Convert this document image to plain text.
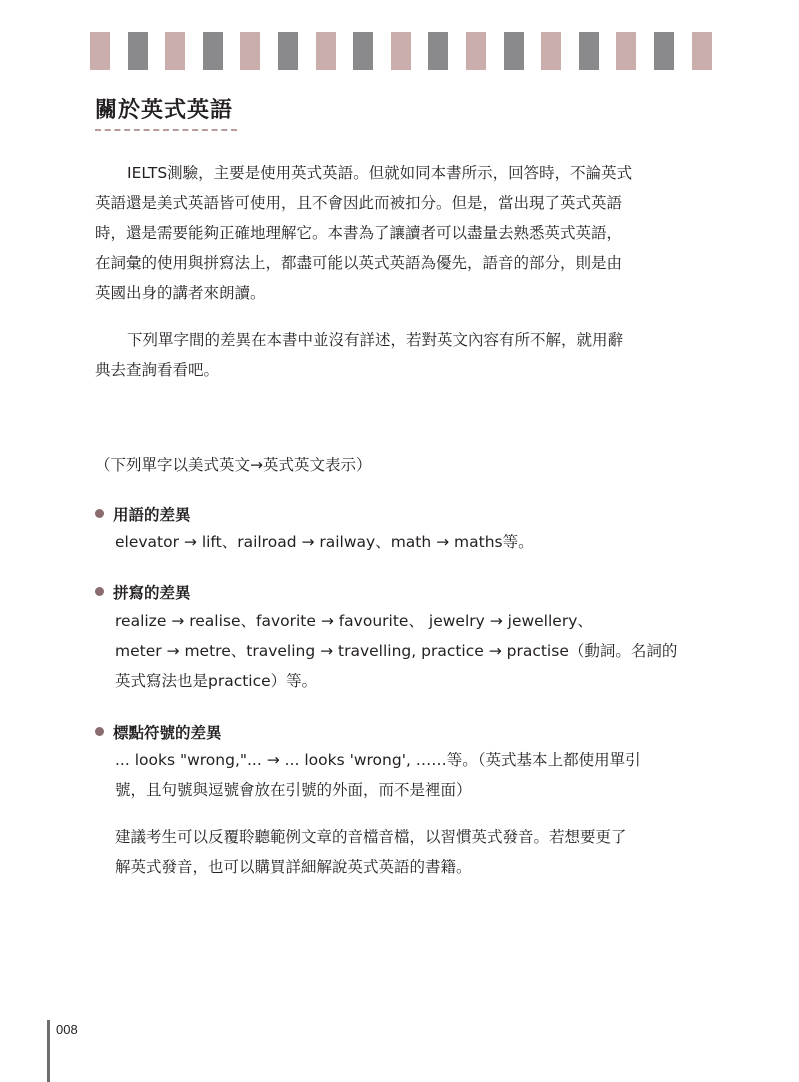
關於英式英語
IELTS測驗，主要是使用英式英語。但就如同本書所示，回答時，不論英式
英語還是美式英語皆可使用，且不會因此而被扣分。但是，當出現了英式英語
時，還是需要能夠正確地理解它。本書為了讓讀者可以盡量去熟悉英式英語，
在詞彙的使用與拼寫法上，都盡可能以英式英語為優先，語音的部分，則是由
英國出身的講者來朗讀。
下列單字間的差異在本書中並沒有詳述，若對英文內容有所不解，就用辭
典去查詢看看吧。
（下列單字以美式英文→英式英文表示）
用語的差異
elevator → lift、railroad → railway、math → maths等。
拼寫的差異
realize → realise、favorite → favourite、 jewelry → jewellery、
meter → metre、traveling → travelling, practice → practise（動詞。名詞的
英式寫法也是practice）等。
標點符號的差異
... looks "wrong,"... → ... looks 'wrong', ……等。（英式基本上都使用單引
號，且句號與逗號會放在引號的外面，而不是裡面）
建議考生可以反覆聆聽範例文章的音檔音檔，以習慣英式發音。若想要更了
解英式發音，也可以購買詳細解說英式英語的書籍。
008
